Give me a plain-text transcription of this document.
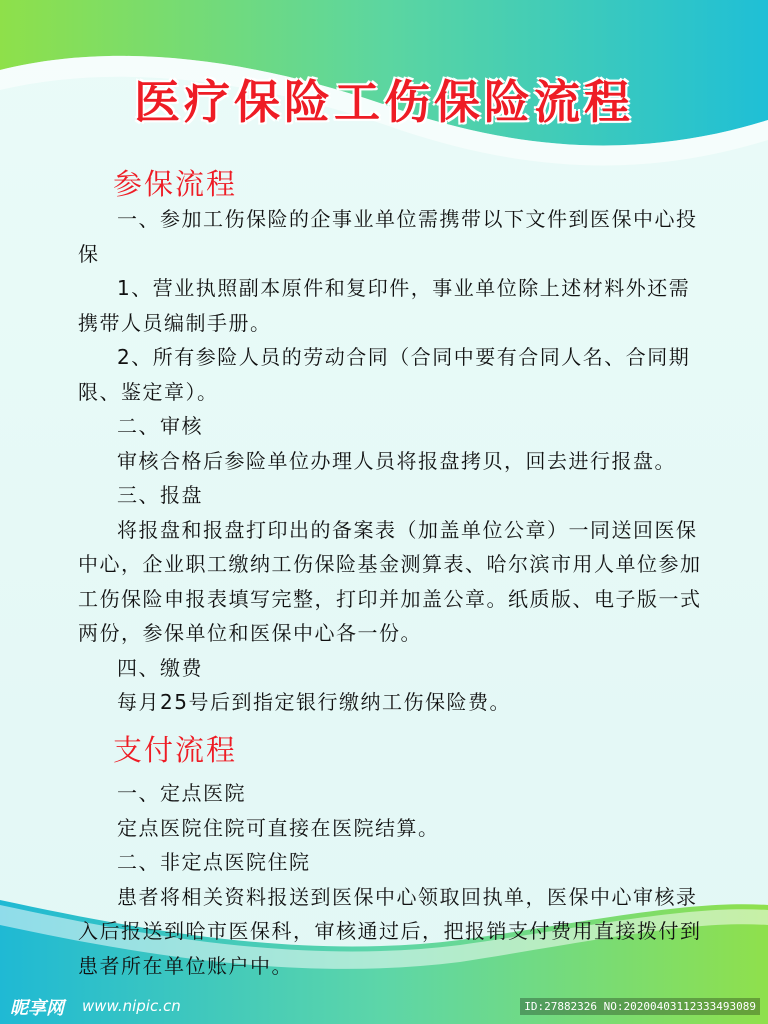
医疗保险工伤保险流程
参保流程

一、参加工伤保险的企事业单位需携带以下文件到医保中心投保

1、营业执照副本原件和复印件，事业单位除上述材料外还需携带人员编制手册。

2、所有参险人员的劳动合同（合同中要有合同人名、合同期限、鉴定章）。

二、审核

审核合格后参险单位办理人员将报盘拷贝，回去进行报盘。

三、报盘

将报盘和报盘打印出的备案表（加盖单位公章）一同送回医保中心，企业职工缴纳工伤保险基金测算表、哈尔滨市用人单位参加工伤保险申报表填写完整，打印并加盖公章。纸质版、电子版一式两份，参保单位和医保中心各一份。

四、缴费

每月25号后到指定银行缴纳工伤保险费。

支付流程

一、定点医院

定点医院住院可直接在医院结算。

二、非定点医院住院

患者将相关资料报送到医保中心领取回执单，医保中心审核录入后报送到哈市医保科，审核通过后，把报销支付费用直接拨付到患者所在单位账户中。

昵享网 www.nipic.cn	ID:27882326 NO:20200403112333493089
